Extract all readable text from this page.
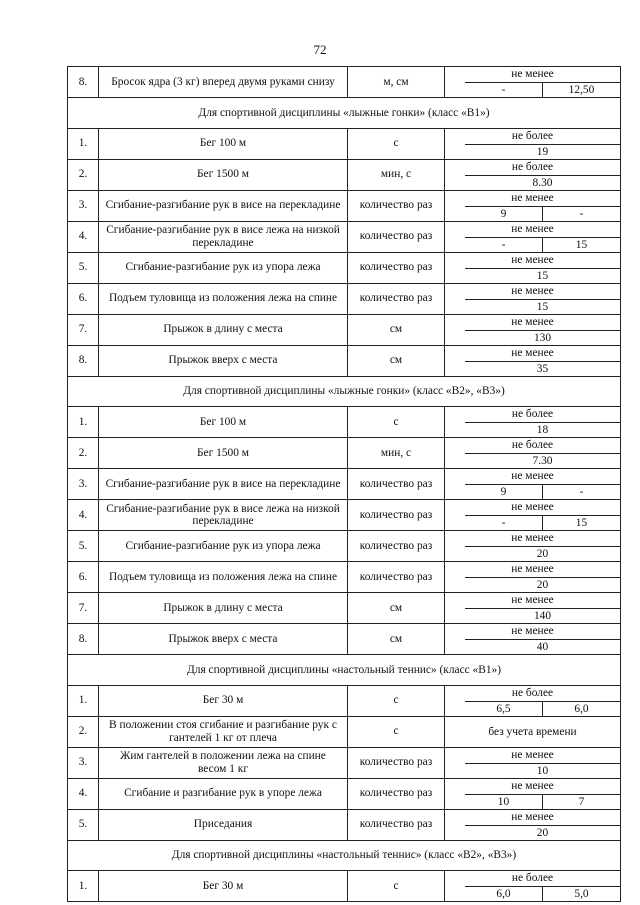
72
8.	Бросок ядра (3 кг) вперед двумя руками снизу	м, см	не менее
- 12,50

Для спортивной дисциплины «лыжные гонки» (класс «В1»)			
1.	Бег 100 м	с	не более
19

2.	Бег 1500 м	мин, с	не более
8.30

3.	Сгибание-разгибание рук в висе на перекладине	количество раз	не менее
9 -

4.	Сгибание-разгибание рук в висе лежа на низкой перекладине	количество раз	не менее
- 15

5.	Сгибание-разгибание рук из упора лежа	количество раз	не менее
15

6.	Подъем туловища из положения лежа на спине	количество раз	не менее
15

7.	Прыжок в длину с места	см	не менее
130

8.	Прыжок вверх с места	см	не менее
35

Для спортивной дисциплины «лыжные гонки» (класс «В2», «В3»)			
1.	Бег 100 м	с	не более
18

2.	Бег 1500 м	мин, с	не более
7.30

3.	Сгибание-разгибание рук в висе на перекладине	количество раз	не менее
9 -

4.	Сгибание-разгибание рук в висе лежа на низкой перекладине	количество раз	не менее
- 15

5.	Сгибание-разгибание рук из упора лежа	количество раз	не менее
20

6.	Подъем туловища из положения лежа на спине	количество раз	не менее
20

7.	Прыжок в длину с места	см	не менее
140

8.	Прыжок вверх с места	см	не менее
40

Для спортивной дисциплины «настольный теннис» (класс «В1»)			
1.	Бег 30 м	с	не более
6,5 6,0

2.	В положении стоя сгибание и разгибание рук с гантелей 1 кг от плеча	с	без учета времени

3.	Жим гантелей в положении лежа на спине весом 1 кг	количество раз	не менее
10

4.	Сгибание и разгибание рук в упоре лежа	количество раз	не менее
10 7

5.	Приседания	количество раз	не менее
20

Для спортивной дисциплины «настольный теннис» (класс «В2», «В3»)			
1.	Бег 30 м	с	не более
6,0 5,0
